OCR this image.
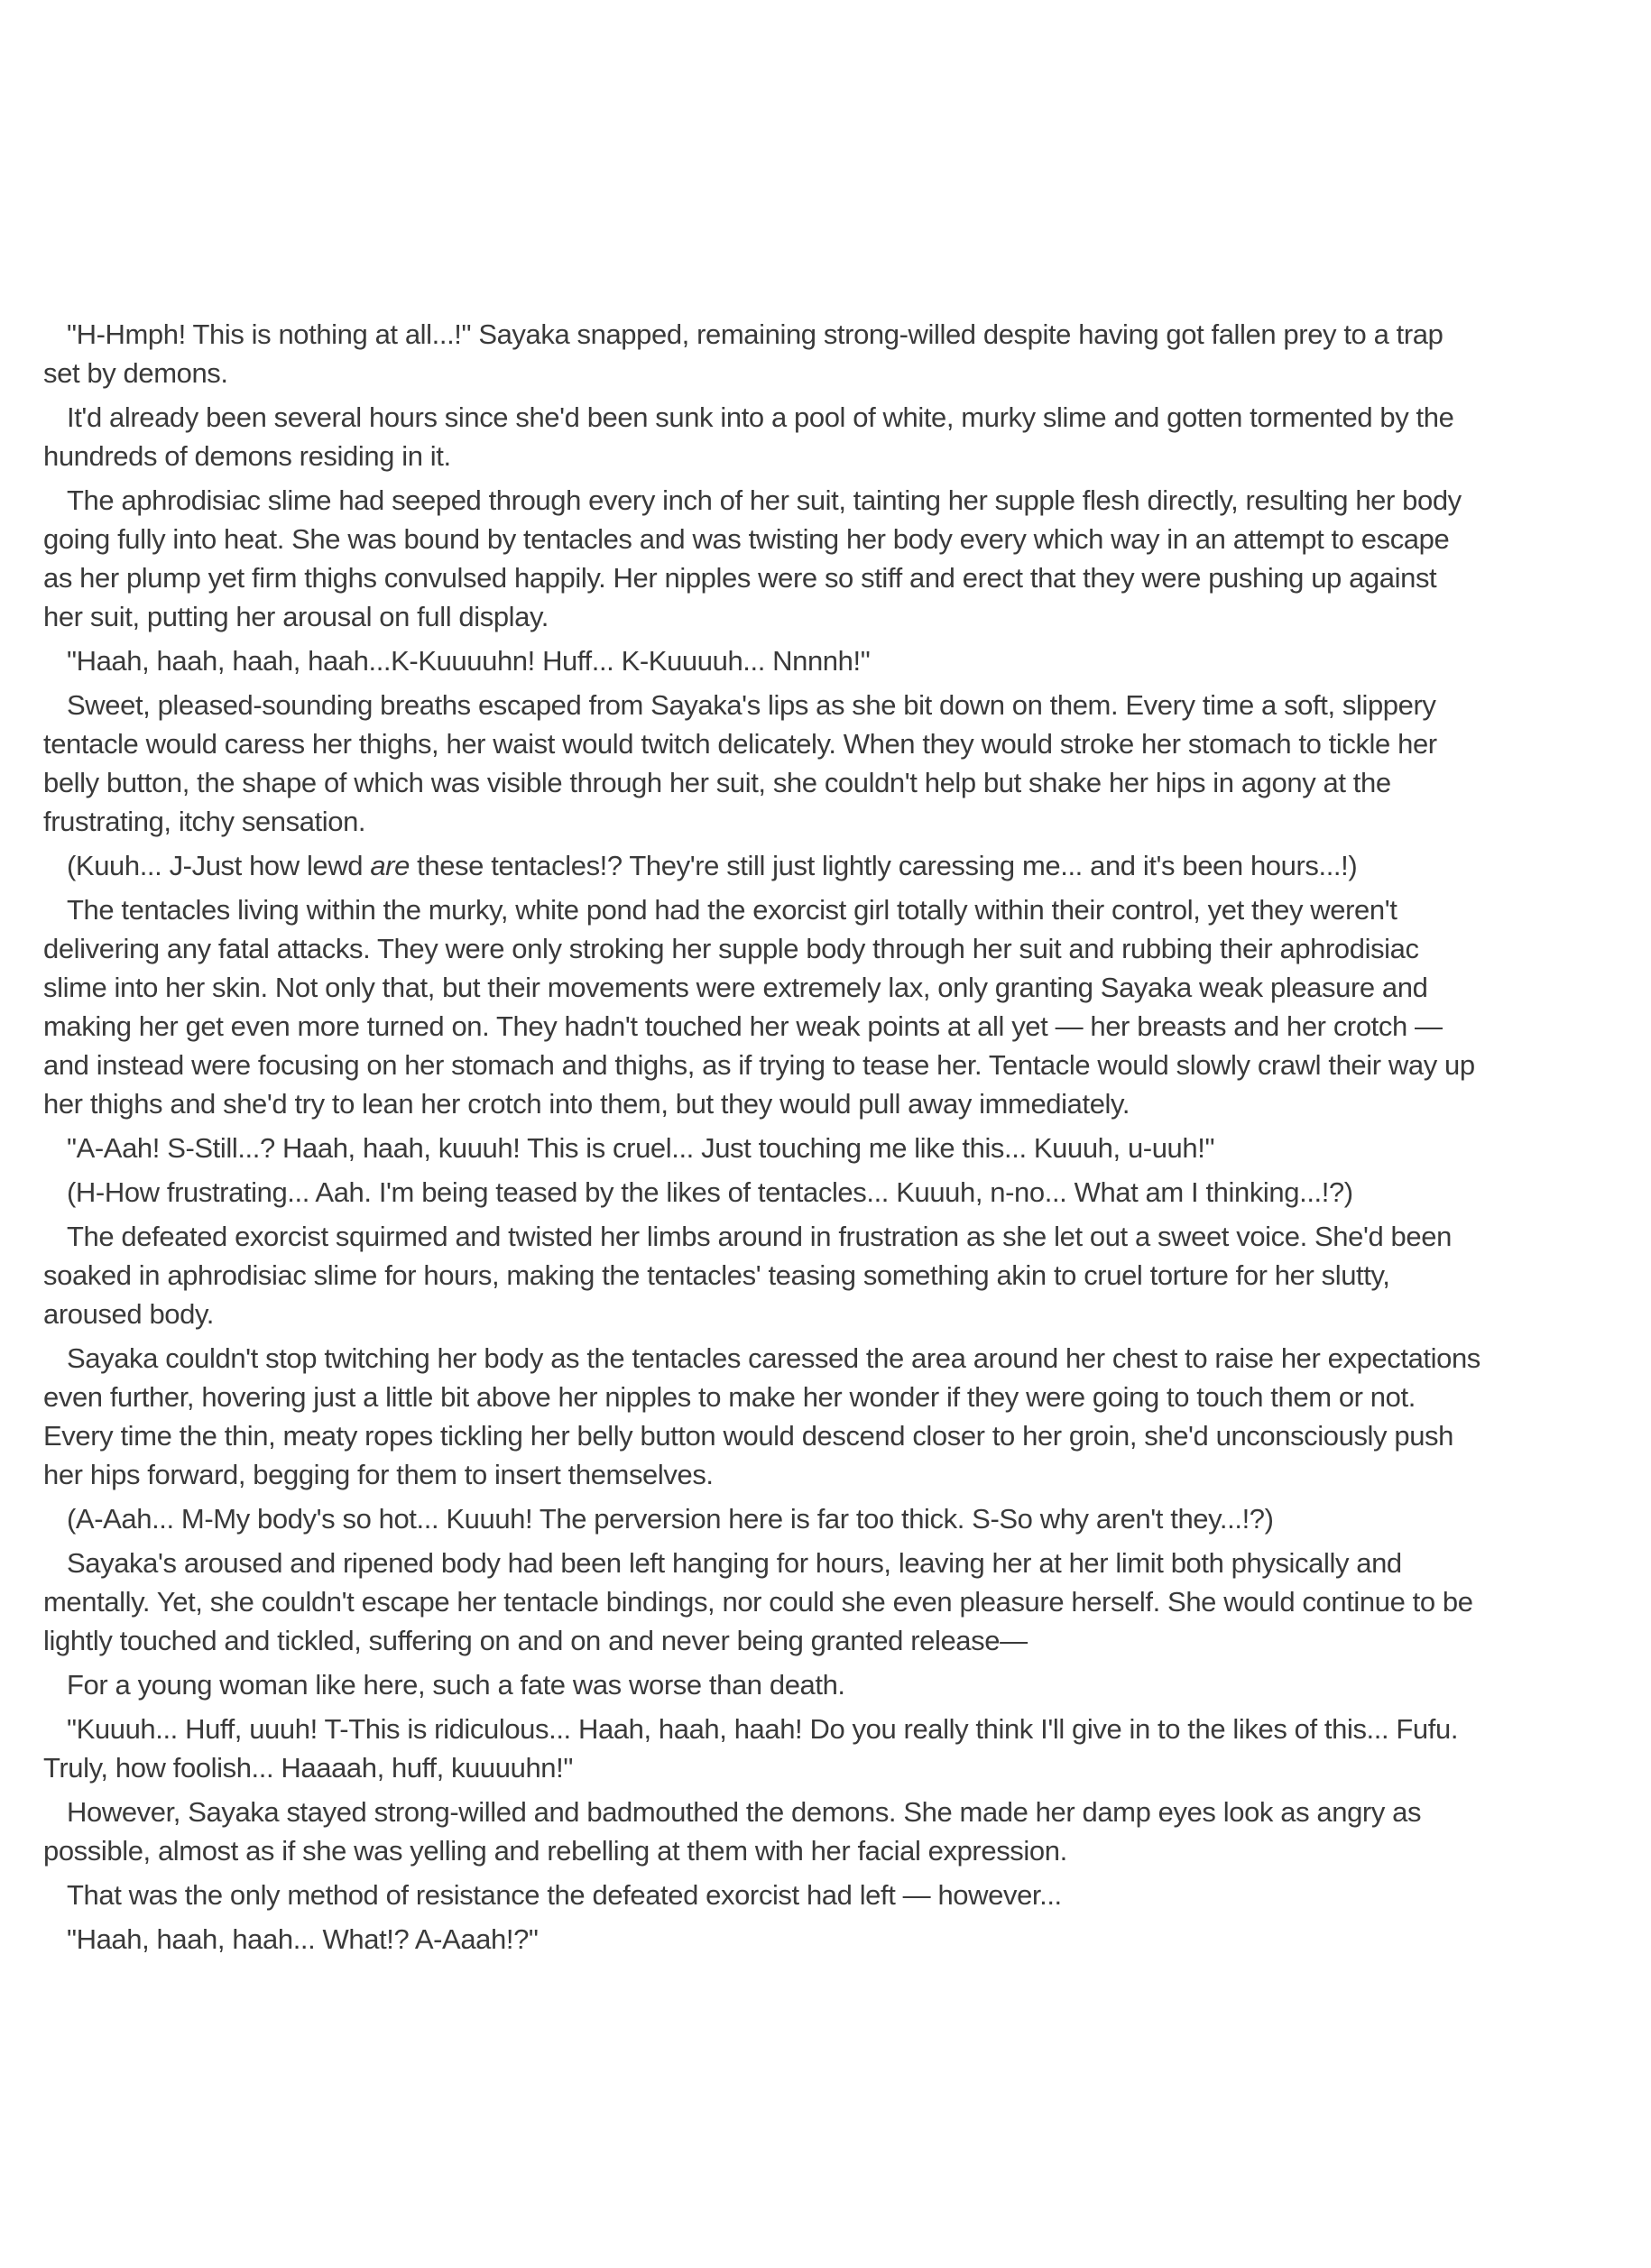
"H-Hmph! This is nothing at all...!" Sayaka snapped, remaining strong-willed despite having got fallen prey to a trap
set by demons.

It'd already been several hours since she'd been sunk into a pool of white, murky slime and gotten tormented by the
hundreds of demons residing in it.

The aphrodisiac slime had seeped through every inch of her suit, tainting her supple flesh directly, resulting her body
going fully into heat. She was bound by tentacles and was twisting her body every which way in an attempt to escape
as her plump yet firm thighs convulsed happily. Her nipples were so stiff and erect that they were pushing up against
her suit, putting her arousal on full display.

"Haah, haah, haah, haah...K-Kuuuuhn! Huff... K-Kuuuuh... Nnnnh!"

Sweet, pleased-sounding breaths escaped from Sayaka's lips as she bit down on them. Every time a soft, slippery
tentacle would caress her thighs, her waist would twitch delicately. When they would stroke her stomach to tickle her
belly button, the shape of which was visible through her suit, she couldn't help but shake her hips in agony at the
frustrating, itchy sensation.

(Kuuh... J-Just how lewd are these tentacles!? They're still just lightly caressing me... and it's been hours...!)

The tentacles living within the murky, white pond had the exorcist girl totally within their control, yet they weren't
delivering any fatal attacks. They were only stroking her supple body through her suit and rubbing their aphrodisiac
slime into her skin. Not only that, but their movements were extremely lax, only granting Sayaka weak pleasure and
making her get even more turned on. They hadn't touched her weak points at all yet — her breasts and her crotch —
and instead were focusing on her stomach and thighs, as if trying to tease her. Tentacle would slowly crawl their way up
her thighs and she'd try to lean her crotch into them, but they would pull away immediately.

"A-Aah! S-Still...? Haah, haah, kuuuh! This is cruel... Just touching me like this... Kuuuh, u-uuh!"

(H-How frustrating... Aah. I'm being teased by the likes of tentacles... Kuuuh, n-no... What am I thinking...!?)

The defeated exorcist squirmed and twisted her limbs around in frustration as she let out a sweet voice. She'd been
soaked in aphrodisiac slime for hours, making the tentacles' teasing something akin to cruel torture for her slutty,
aroused body.

Sayaka couldn't stop twitching her body as the tentacles caressed the area around her chest to raise her expectations
even further, hovering just a little bit above her nipples to make her wonder if they were going to touch them or not.
Every time the thin, meaty ropes tickling her belly button would descend closer to her groin, she'd unconsciously push
her hips forward, begging for them to insert themselves.

(A-Aah... M-My body's so hot... Kuuuh! The perversion here is far too thick. S-So why aren't they...!?)

Sayaka's aroused and ripened body had been left hanging for hours, leaving her at her limit both physically and
mentally. Yet, she couldn't escape her tentacle bindings, nor could she even pleasure herself. She would continue to be
lightly touched and tickled, suffering on and on and never being granted release—

For a young woman like here, such a fate was worse than death.

"Kuuuh... Huff, uuuh! T-This is ridiculous... Haah, haah, haah! Do you really think I'll give in to the likes of this... Fufu.
Truly, how foolish... Haaaah, huff, kuuuuhn!"

However, Sayaka stayed strong-willed and badmouthed the demons. She made her damp eyes look as angry as
possible, almost as if she was yelling and rebelling at them with her facial expression.

That was the only method of resistance the defeated exorcist had left — however...

"Haah, haah, haah... What!? A-Aaah!?"
